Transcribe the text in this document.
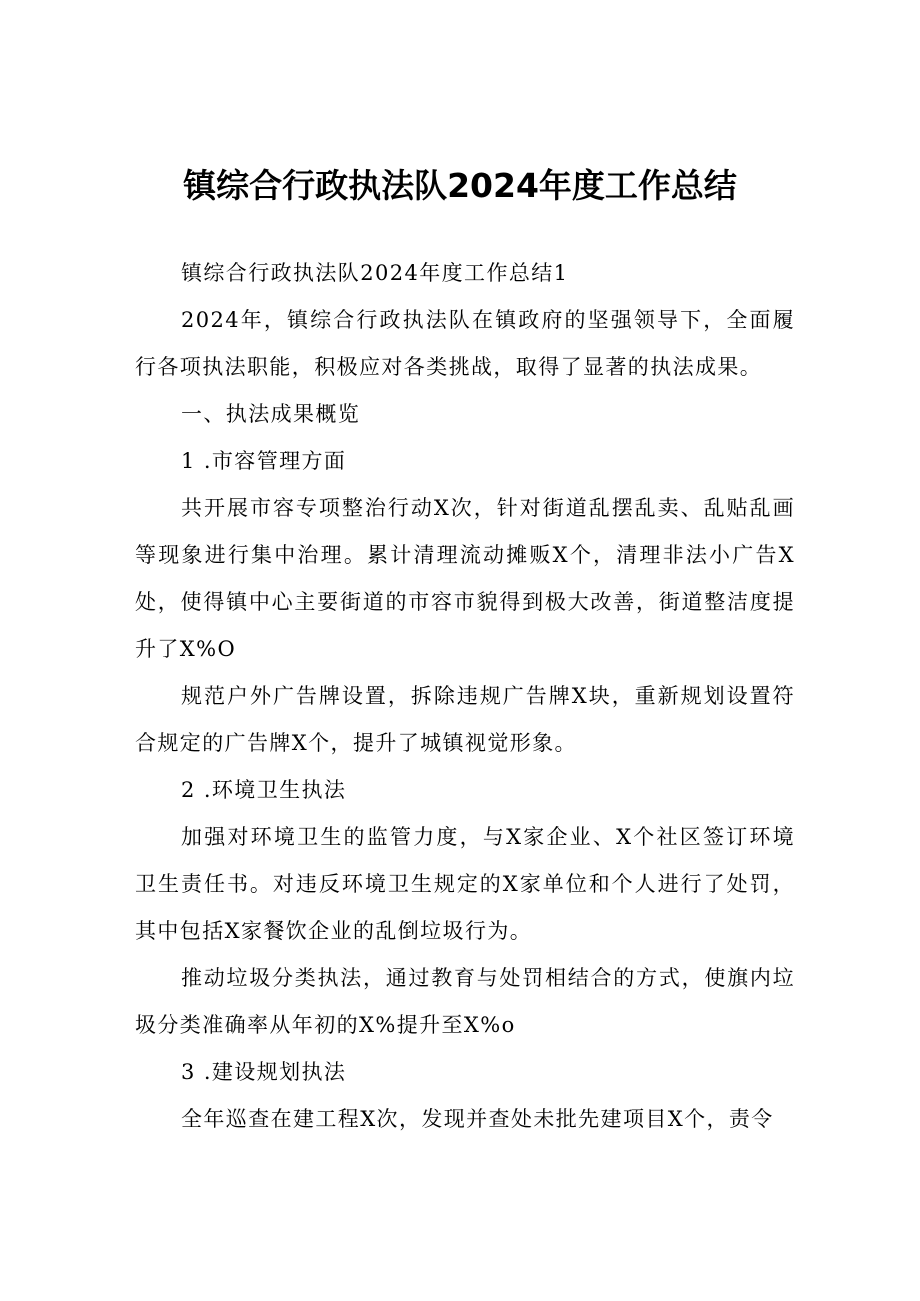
镇综合行政执法队2024年度工作总结

镇综合行政执法队2024年度工作总结1

2024年，镇综合行政执法队在镇政府的坚强领导下，全面履行各项执法职能，积极应对各类挑战，取得了显著的执法成果。

一、执法成果概览

1 .市容管理方面

共开展市容专项整治行动X次，针对街道乱摆乱卖、乱贴乱画等现象进行集中治理。累计清理流动摊贩X个，清理非法小广告X处，使得镇中心主要街道的市容市貌得到极大改善，街道整洁度提升了X%O

规范户外广告牌设置，拆除违规广告牌X块，重新规划设置符合规定的广告牌X个，提升了城镇视觉形象。

2 .环境卫生执法

加强对环境卫生的监管力度，与X家企业、X个社区签订环境卫生责任书。对违反环境卫生规定的X家单位和个人进行了处罚，其中包括X家餐饮企业的乱倒垃圾行为。

推动垃圾分类执法，通过教育与处罚相结合的方式，使旗内垃圾分类准确率从年初的X%提升至X%o

3 .建设规划执法

全年巡查在建工程X次，发现并查处未批先建项目X个，责令
